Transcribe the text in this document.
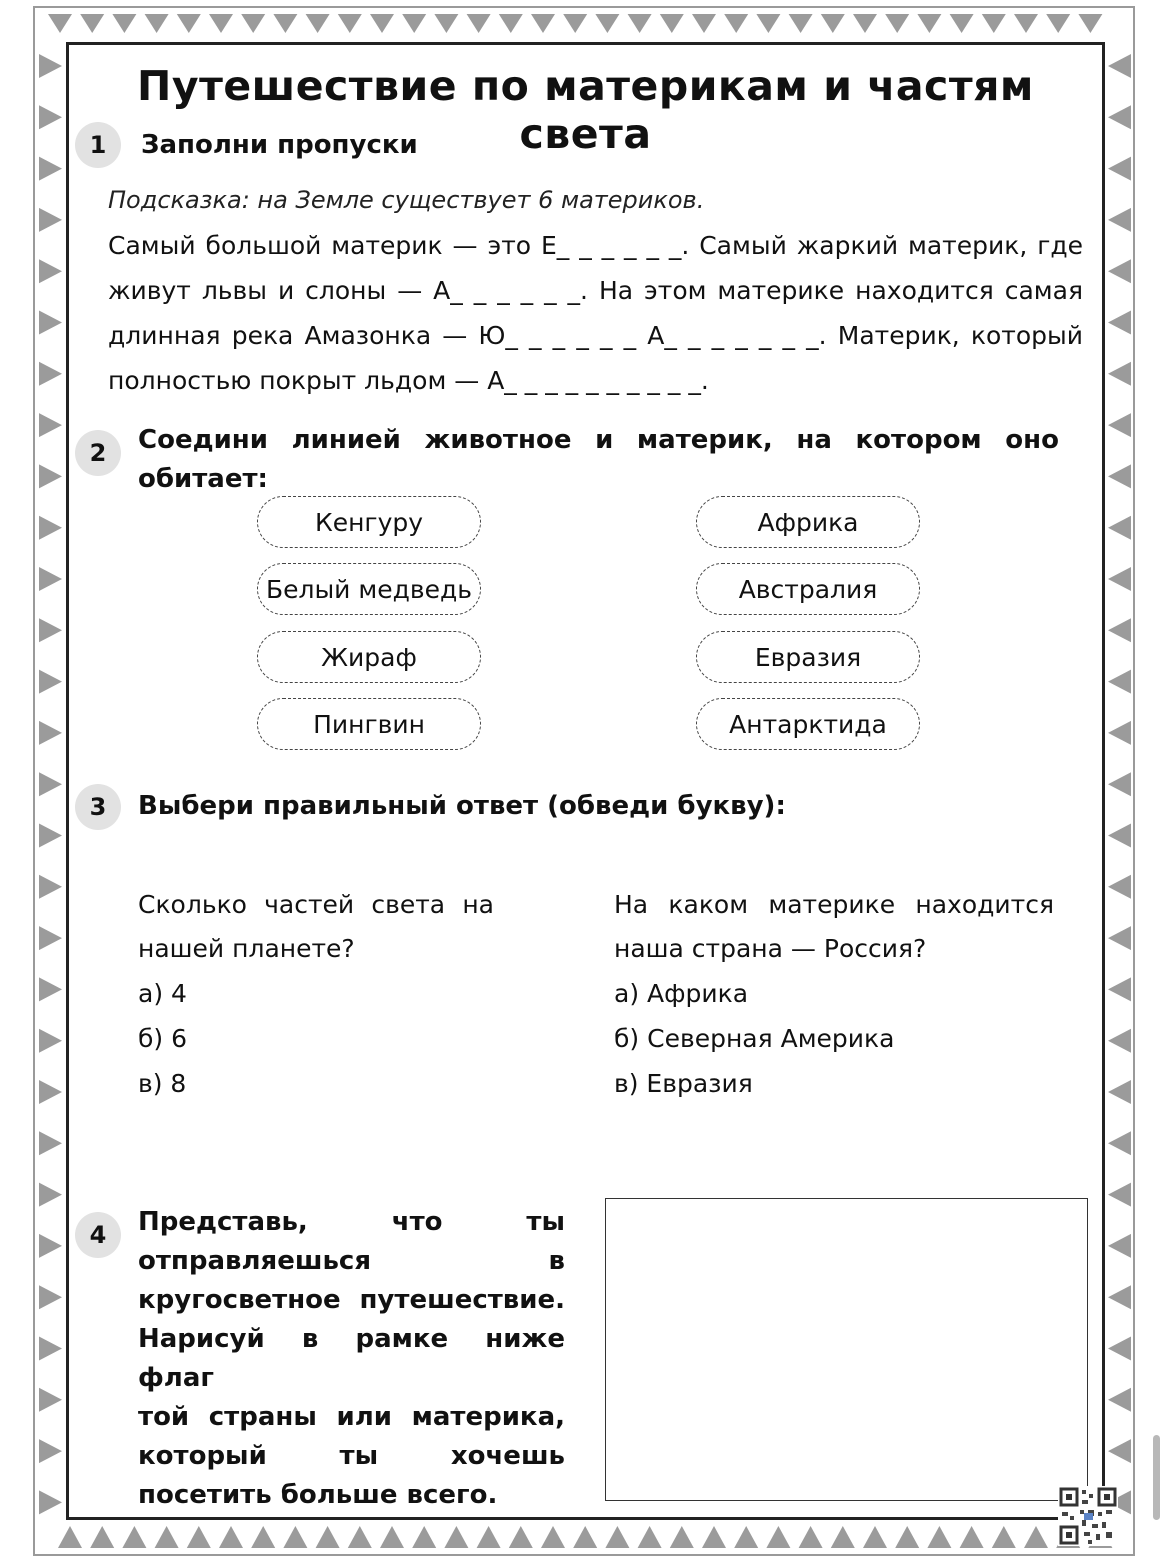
Путешествие по материкам и частям света
1	Заполни пропуски
Подсказка: на Земле существует 6 материков.
Самый большой материк — это Е_ _ _ _ _ _. Самый жаркий материк, где
живут львы и слоны — А_ _ _ _ _ _. На этом материке находится самая
длинная река Амазонка — Ю_ _ _ _ _ _ А_ _ _ _ _ _ _. Материк, который
полностью покрыт льдом — А_ _ _ _ _ _ _ _ _ _.
2	Соедини линией животное и материк, на котором оно
обитает:
Кенгуру
Белый медведь
Жираф
Пингвин
Африка
Австралия
Евразия
Антарктида
3	Выбери правильный ответ (обведи букву):
Сколько частей света на
нашей планете?
а) 4
б) 6
в) 8
На каком материке находится
наша страна — Россия?
а) Африка
б) Северная Америка
в) Евразия
4	Представь, что ты
отправляешься в
кругосветное путешествие.
Нарисуй в рамке ниже флаг
той страны или материка,
который ты хочешь
посетить больше всего.
